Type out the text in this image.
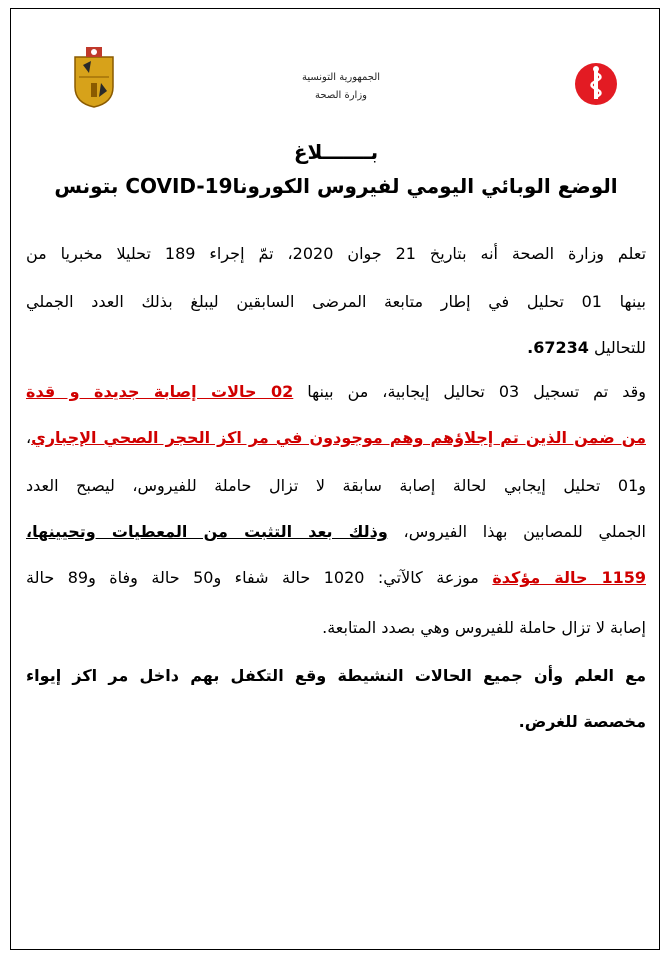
الجمهورية التونسية
وزارة الصحة
بـــــــلاغ
الوضع الوبائي اليومي لفيروس الكوروناCOVID-19 بتونس
تعلم وزارة الصحة أنه بتاريخ 21 جوان 2020، تمّ إجراء 189 تحليلا مخبريا من
بينها 01 تحليل في إطار متابعة المرضى السابقين ليبلغ بذلك العدد الجملي
للتحاليل 67234.
وقد تم تسجيل 03 تحاليل إيجابية، من بينها 02 حالات إصابة جديدة و قدة
من ضمن الذين تم إجلاؤهم وهم موجودون في مر اكز الحجر الصحي الإجباري،
و01 تحليل إيجابي لحالة إصابة سابقة لا تزال حاملة للفيروس، ليصبح العدد
الجملي للمصابين بهذا الفيروس، وذلك بعد التثبت من المعطيات وتحيينها،
1159 حالة مؤكدة موزعة كالآتي: 1020 حالة شفاء و50 حالة وفاة و89 حالة
إصابة لا تزال حاملة للفيروس وهي بصدد المتابعة.
مع العلم وأن جميع الحالات النشيطة وقع التكفل بهم داخل مر اكز إيواء
مخصصة للغرض.
